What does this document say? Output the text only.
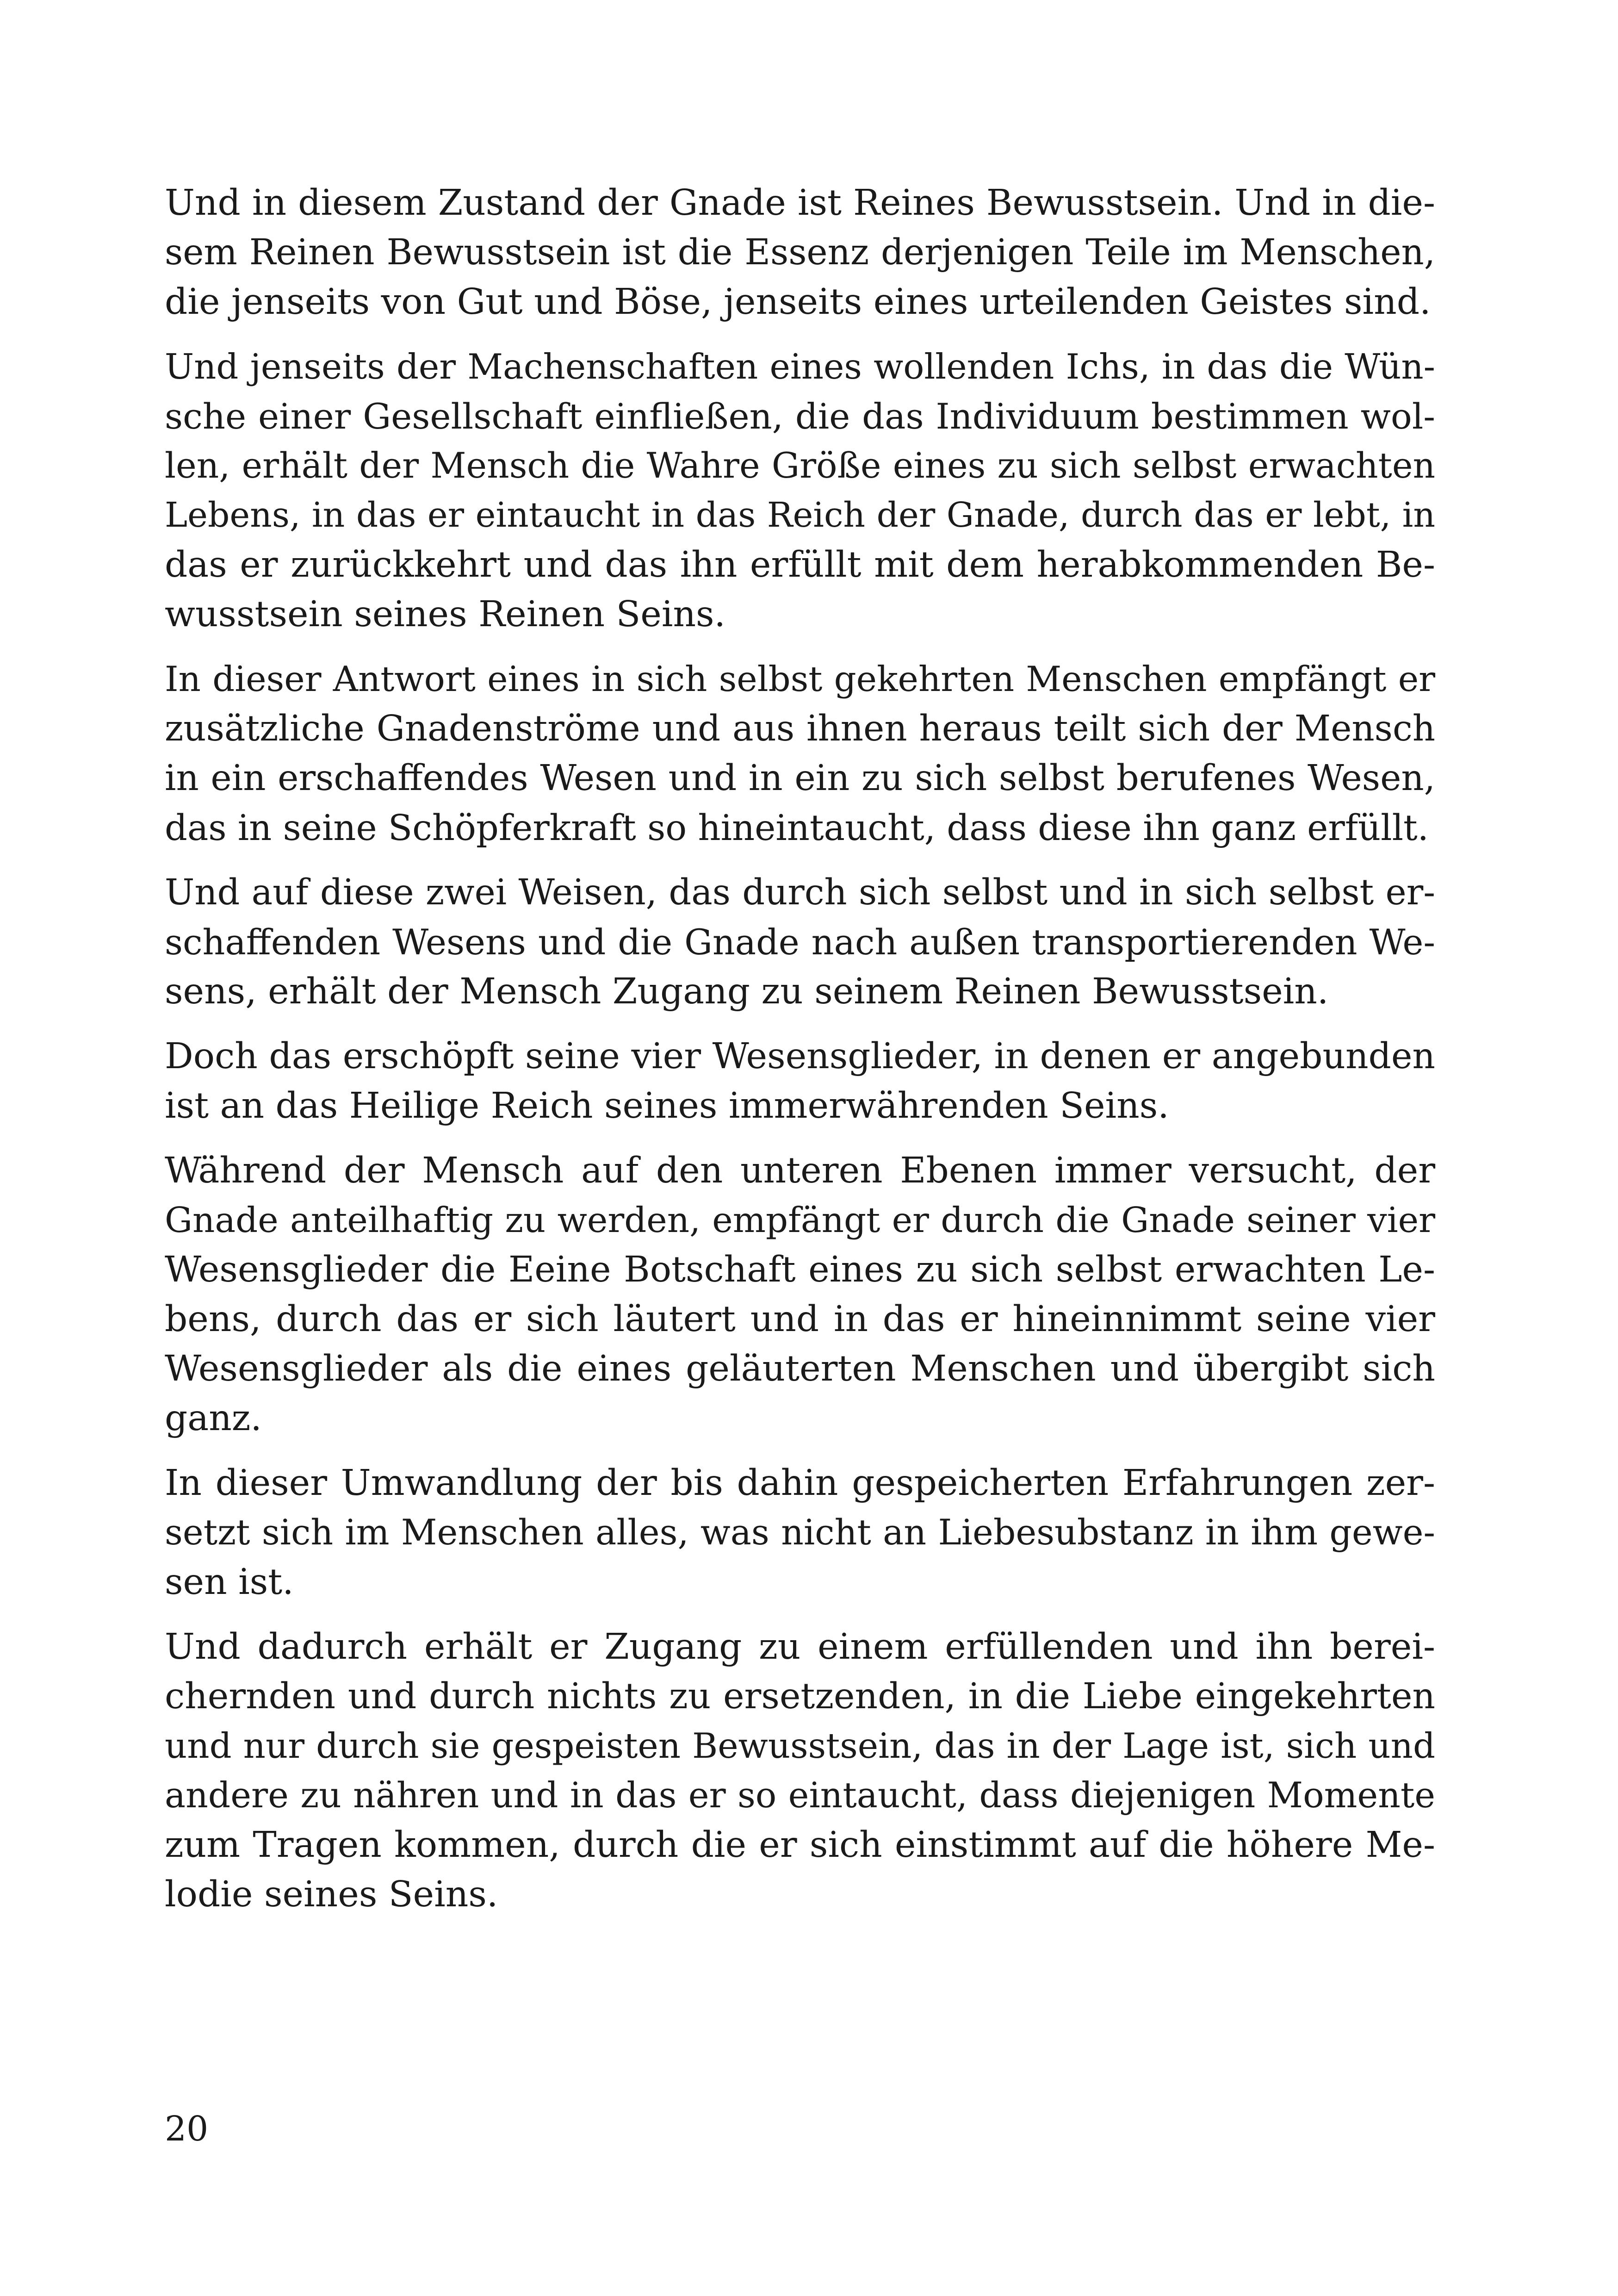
Und in diesem Zustand der Gnade ist Reines Bewusstsein. Und in die-
sem Reinen Bewusstsein ist die Essenz derjenigen Teile im Menschen,
die jenseits von Gut und Böse, jenseits eines urteilenden Geistes sind.
Und jenseits der Machenschaften eines wollenden Ichs, in das die Wün-
sche einer Gesellschaft einfließen, die das Individuum bestimmen wol-
len, erhält der Mensch die Wahre Größe eines zu sich selbst erwachten
Lebens, in das er eintaucht in das Reich der Gnade, durch das er lebt, in
das er zurückkehrt und das ihn erfüllt mit dem herabkommenden Be-
wusstsein seines Reinen Seins.
In dieser Antwort eines in sich selbst gekehrten Menschen empfängt er
zusätzliche Gnadenströme und aus ihnen heraus teilt sich der Mensch
in ein erschaffendes Wesen und in ein zu sich selbst berufenes Wesen,
das in seine Schöpferkraft so hineintaucht, dass diese ihn ganz erfüllt.
Und auf diese zwei Weisen, das durch sich selbst und in sich selbst er-
schaffenden Wesens und die Gnade nach außen transportierenden We-
sens, erhält der Mensch Zugang zu seinem Reinen Bewusstsein.
Doch das erschöpft seine vier Wesensglieder, in denen er angebunden
ist an das Heilige Reich seines immerwährenden Seins.
Während der Mensch auf den unteren Ebenen immer versucht, der
Gnade anteilhaftig zu werden, empfängt er durch die Gnade seiner vier
Wesensglieder die Eeine Botschaft eines zu sich selbst erwachten Le-
bens, durch das er sich läutert und in das er hineinnimmt seine vier
Wesensglieder als die eines geläuterten Menschen und übergibt sich
ganz.
In dieser Umwandlung der bis dahin gespeicherten Erfahrungen zer-
setzt sich im Menschen alles, was nicht an Liebesubstanz in ihm gewe-
sen ist.
Und dadurch erhält er Zugang zu einem erfüllenden und ihn berei-
chernden und durch nichts zu ersetzenden, in die Liebe eingekehrten
und nur durch sie gespeisten Bewusstsein, das in der Lage ist, sich und
andere zu nähren und in das er so eintaucht, dass diejenigen Momente
zum Tragen kommen, durch die er sich einstimmt auf die höhere Me-
lodie seines Seins.
20
